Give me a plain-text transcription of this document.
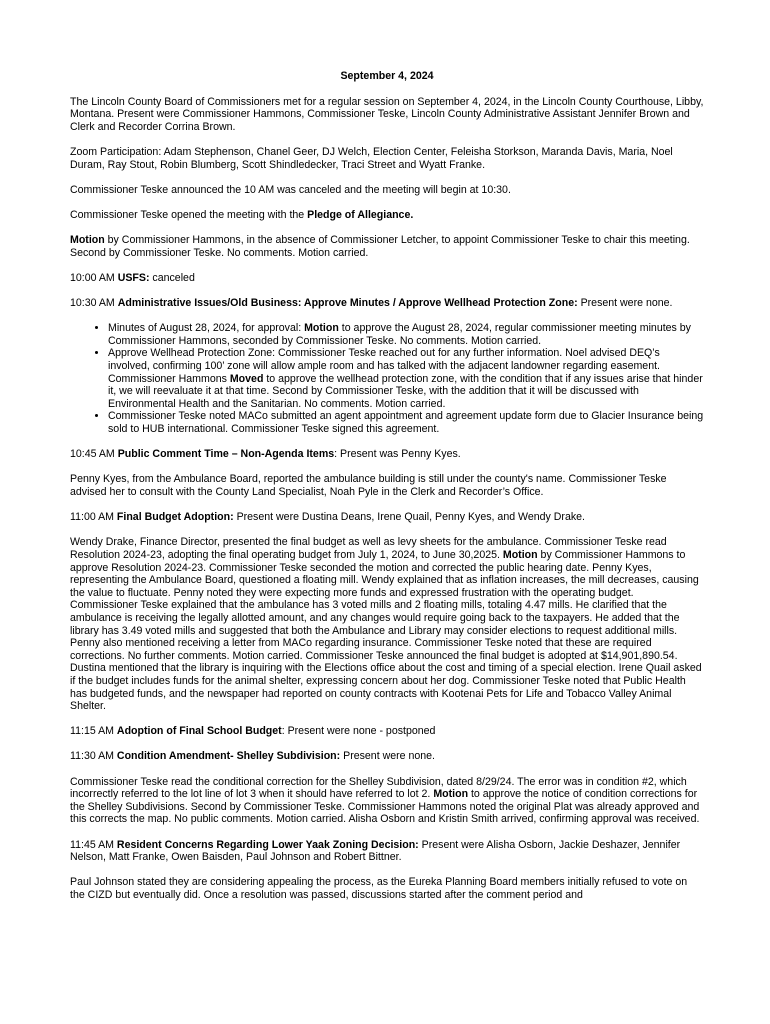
September 4, 2024

The Lincoln County Board of Commissioners met for a regular session on September 4, 2024, in the Lincoln County Courthouse, Libby, Montana. Present were Commissioner Hammons, Commissioner Teske, Lincoln County Administrative Assistant Jennifer Brown and Clerk and Recorder Corrina Brown.

Zoom Participation: Adam Stephenson, Chanel Geer, DJ Welch, Election Center, Feleisha Storkson, Maranda Davis, Maria, Noel Duram, Ray Stout, Robin Blumberg, Scott Shindledecker, Traci Street and Wyatt Franke.

Commissioner Teske announced the 10 AM was canceled and the meeting will begin at 10:30.

Commissioner Teske opened the meeting with the Pledge of Allegiance.

Motion by Commissioner Hammons, in the absence of Commissioner Letcher, to appoint Commissioner Teske to chair this meeting. Second by Commissioner Teske. No comments. Motion carried.

10:00 AM USFS: canceled

10:30 AM Administrative Issues/Old Business: Approve Minutes / Approve Wellhead Protection Zone: Present were none.

• Minutes of August 28, 2024, for approval: Motion to approve the August 28, 2024, regular commissioner meeting minutes by Commissioner Hammons, seconded by Commissioner Teske. No comments. Motion carried.
• Approve Wellhead Protection Zone: Commissioner Teske reached out for any further information. Noel advised DEQ’s involved, confirming 100’ zone will allow ample room and has talked with the adjacent landowner regarding easement. Commissioner Hammons Moved to approve the wellhead protection zone, with the condition that if any issues arise that hinder it, we will reevaluate it at that time. Second by Commissioner Teske, with the addition that it will be discussed with Environmental Health and the Sanitarian. No comments. Motion carried.
• Commissioner Teske noted MACo submitted an agent appointment and agreement update form due to Glacier Insurance being sold to HUB international. Commissioner Teske signed this agreement.

10:45 AM Public Comment Time – Non-Agenda Items: Present was Penny Kyes.

Penny Kyes, from the Ambulance Board, reported the ambulance building is still under the county's name. Commissioner Teske advised her to consult with the County Land Specialist, Noah Pyle in the Clerk and Recorder’s Office.

11:00 AM Final Budget Adoption: Present were Dustina Deans, Irene Quail, Penny Kyes, and Wendy Drake.

Wendy Drake, Finance Director, presented the final budget as well as levy sheets for the ambulance. Commissioner Teske read Resolution 2024-23, adopting the final operating budget from July 1, 2024, to June 30,2025. Motion by Commissioner Hammons to approve Resolution 2024-23. Commissioner Teske seconded the motion and corrected the public hearing date. Penny Kyes, representing the Ambulance Board, questioned a floating mill. Wendy explained that as inflation increases, the mill decreases, causing the value to fluctuate. Penny noted they were expecting more funds and expressed frustration with the operating budget. Commissioner Teske explained that the ambulance has 3 voted mills and 2 floating mills, totaling 4.47 mills. He clarified that the ambulance is receiving the legally allotted amount, and any changes would require going back to the taxpayers. He added that the library has 3.49 voted mills and suggested that both the Ambulance and Library may consider elections to request additional mills. Penny also mentioned receiving a letter from MACo regarding insurance. Commissioner Teske noted that these are required corrections. No further comments. Motion carried. Commissioner Teske announced the final budget is adopted at $14,901,890.54. Dustina mentioned that the library is inquiring with the Elections office about the cost and timing of a special election. Irene Quail asked if the budget includes funds for the animal shelter, expressing concern about her dog. Commissioner Teske noted that Public Health has budgeted funds, and the newspaper had reported on county contracts with Kootenai Pets for Life and Tobacco Valley Animal Shelter.

11:15 AM Adoption of Final School Budget: Present were none - postponed

11:30 AM Condition Amendment- Shelley Subdivision: Present were none.

Commissioner Teske read the conditional correction for the Shelley Subdivision, dated 8/29/24. The error was in condition #2, which incorrectly referred to the lot line of lot 3 when it should have referred to lot 2. Motion to approve the notice of condition corrections for the Shelley Subdivisions. Second by Commissioner Teske. Commissioner Hammons noted the original Plat was already approved and this corrects the map. No public comments. Motion carried. Alisha Osborn and Kristin Smith arrived, confirming approval was received.

11:45 AM Resident Concerns Regarding Lower Yaak Zoning Decision: Present were Alisha Osborn, Jackie Deshazer, Jennifer Nelson, Matt Franke, Owen Baisden, Paul Johnson and Robert Bittner.

Paul Johnson stated they are considering appealing the process, as the Eureka Planning Board members initially refused to vote on the CIZD but eventually did. Once a resolution was passed, discussions started after the comment period and
